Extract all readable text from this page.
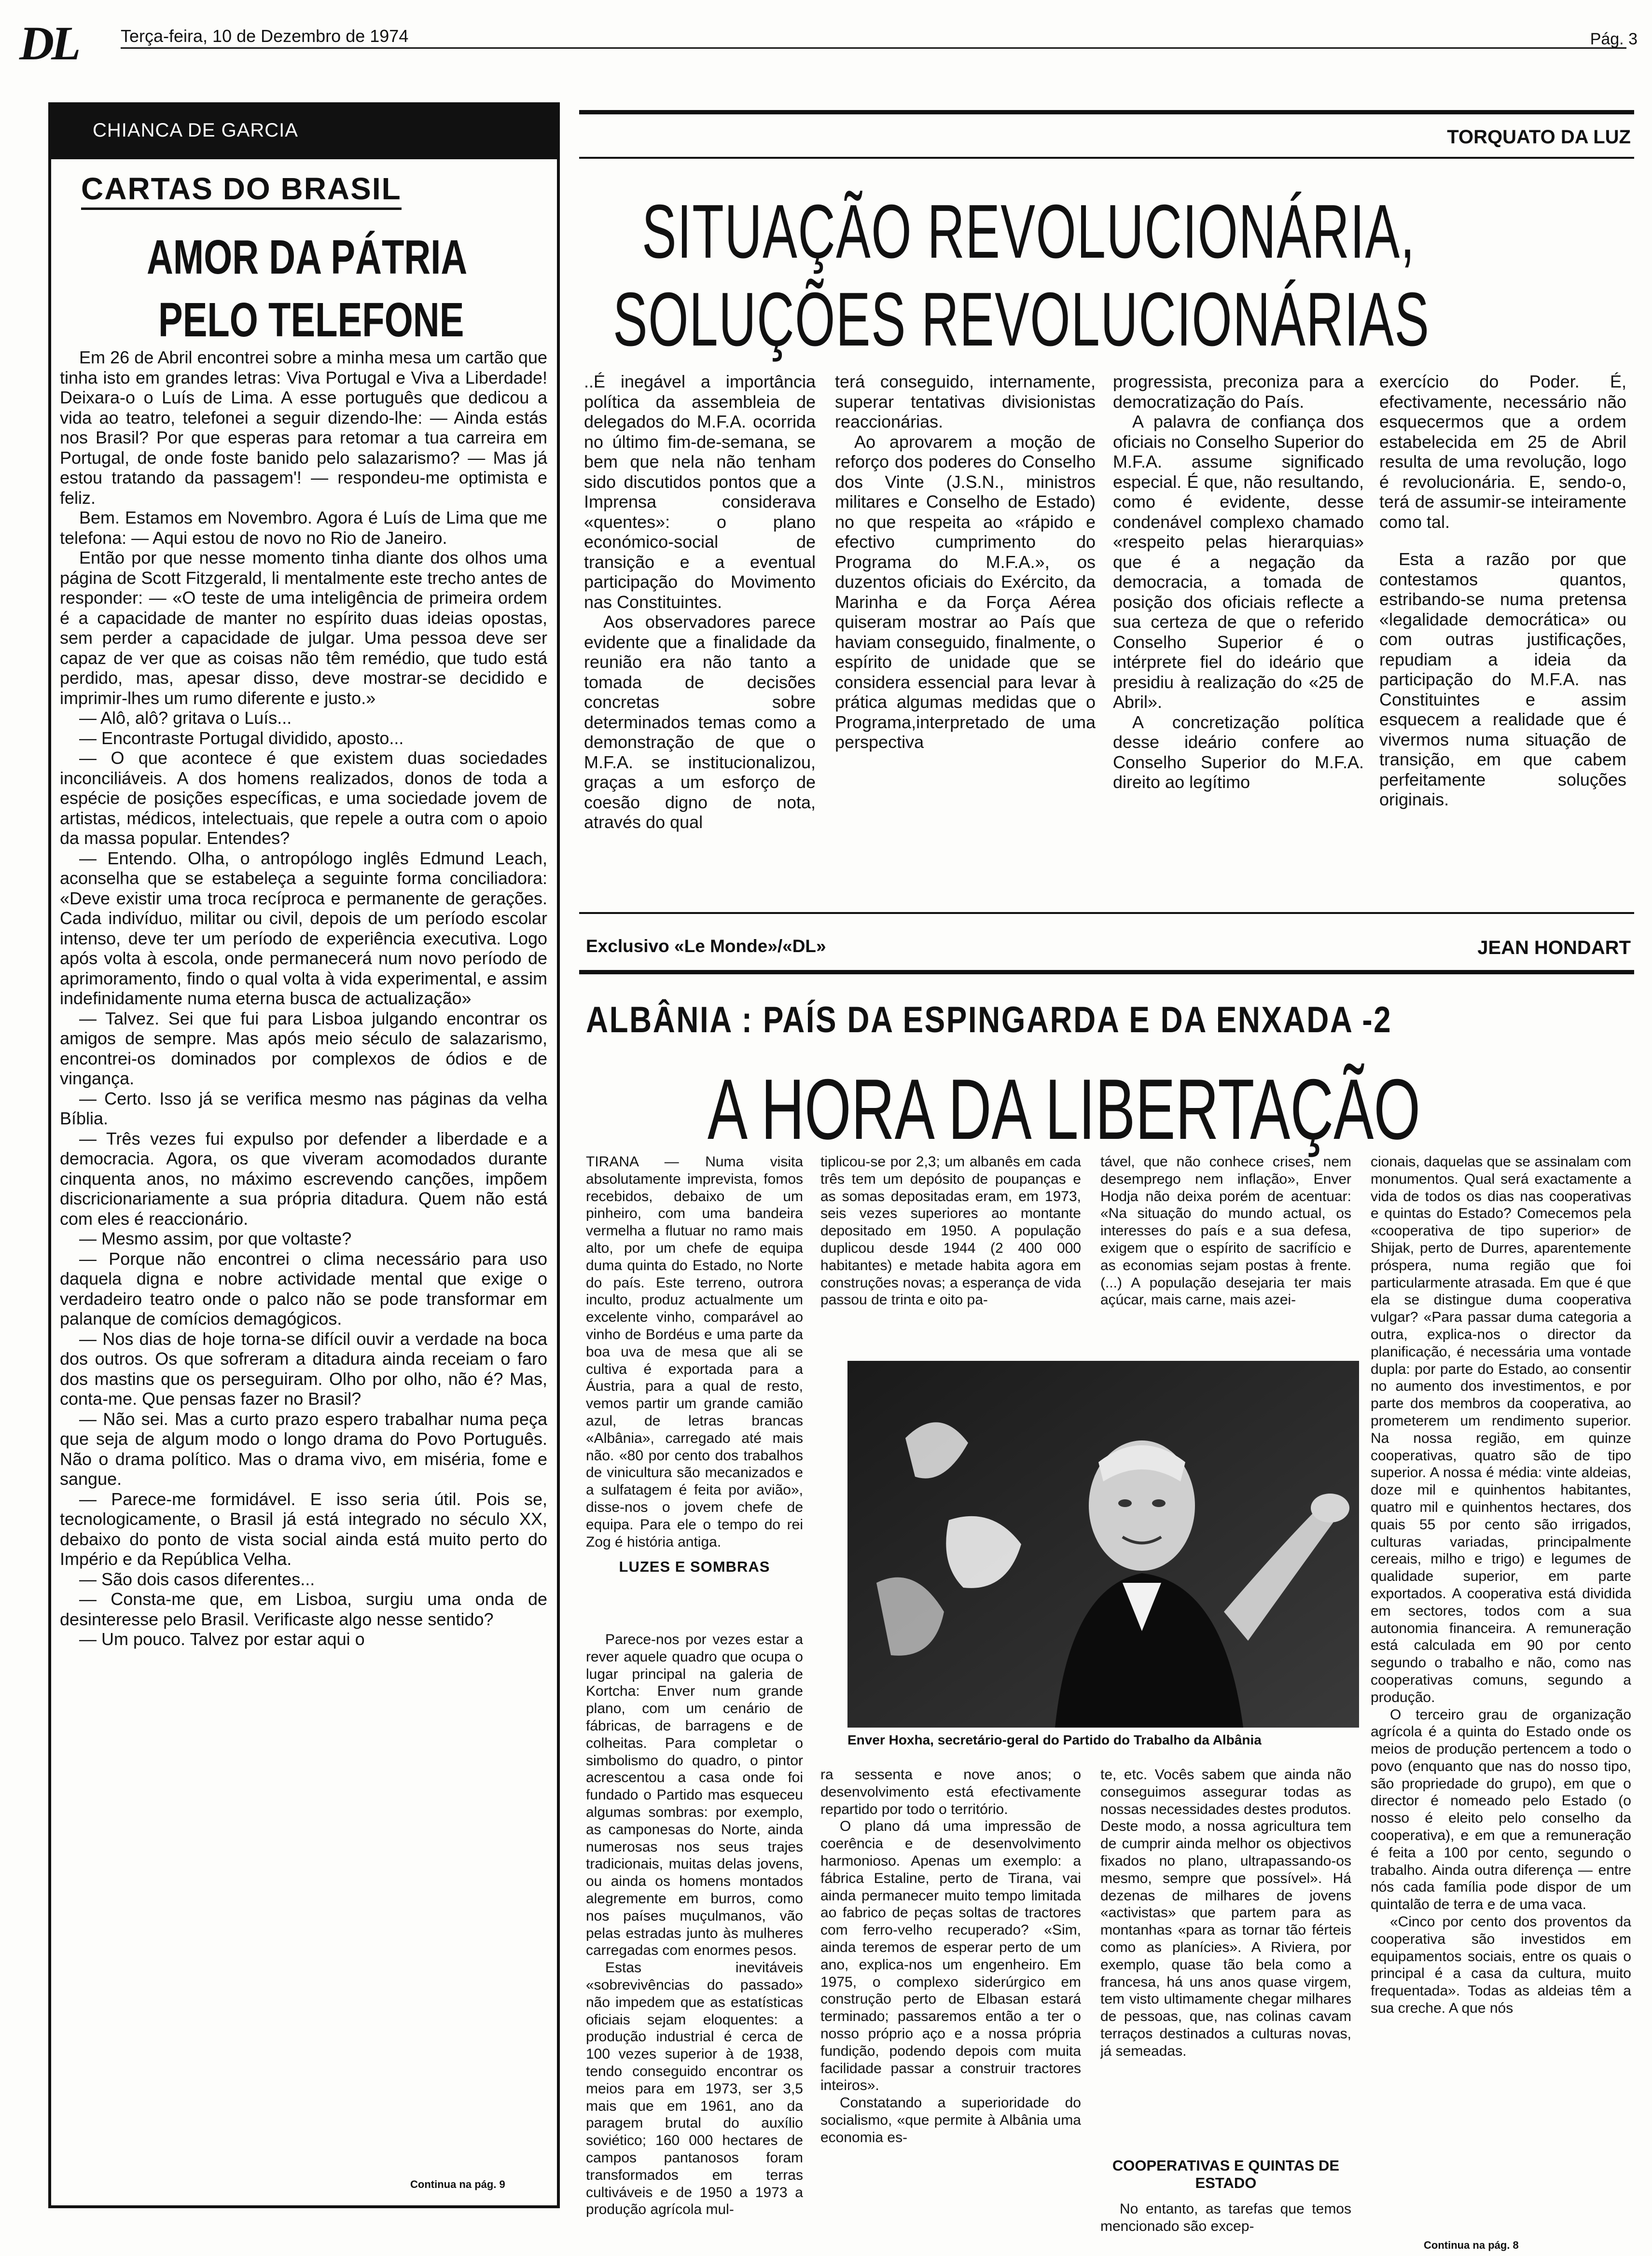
DL Terça-feira, 10 de Dezembro de 1974	Pág. 3
CHIANCA DE GARCIA
CARTAS DO BRASIL
AMOR DA PÁTRIA
PELO TELEFONE

Em 26 de Abril encontrei sobre a minha mesa um cartão que tinha isto em grandes letras: Viva Portugal e Viva a Liberdade! Deixara-o o Luís de Lima. A esse português que dedicou a vida ao teatro, telefonei a seguir dizendo-lhe: — Ainda estás nos Brasil? Por que esperas para retomar a tua carreira em Portugal, de onde foste banido pelo salazarismo? — Mas já estou tratando da passagem'! — respondeu-me optimista e feliz.

Bem. Estamos em Novembro. Agora é Luís de Lima que me telefona: — Aqui estou de novo no Rio de Janeiro.

Então por que nesse momento tinha diante dos olhos uma página de Scott Fitzgerald, li mentalmente este trecho antes de responder: — «O teste de uma inteligência de primeira ordem é a capacidade de manter no espírito duas ideias opostas, sem perder a capacidade de julgar. Uma pessoa deve ser capaz de ver que as coisas não têm remédio, que tudo está perdido, mas, apesar disso, deve mostrar-se decidido e imprimir-lhes um rumo diferente e justo.»

— Alô, alô? gritava o Luís...

— Encontraste Portugal dividido, aposto...

— O que acontece é que existem duas sociedades inconciliáveis. A dos homens realizados, donos de toda a espécie de posições específicas, e uma sociedade jovem de artistas, médicos, intelectuais, que repele a outra com o apoio da massa popular. Entendes?

— Entendo. Olha, o antropólogo inglês Edmund Leach, aconselha que se estabeleça a seguinte forma conciliadora: «Deve existir uma troca recíproca e permanente de gerações. Cada indivíduo, militar ou civil, depois de um período escolar intenso, deve ter um período de experiência executiva. Logo após volta à escola, onde permanecerá num novo período de aprimoramento, findo o qual volta à vida experimental, e assim indefinidamente numa eterna busca de actualização»

— Talvez. Sei que fui para Lisboa julgando encontrar os amigos de sempre. Mas após meio século de salazarismo, encontrei-os dominados por complexos de ódios e de vingança.

— Certo. Isso já se verifica mesmo nas páginas da velha Bíblia.

— Três vezes fui expulso por defender a liberdade e a democracia. Agora, os que viveram acomodados durante cinquenta anos, no máximo escrevendo canções, impõem discricionariamente a sua própria ditadura. Quem não está com eles é reaccionário.

— Mesmo assim, por que voltaste?

— Porque não encontrei o clima necessário para uso daquela digna e nobre actividade mental que exige o verdadeiro teatro onde o palco não se pode transformar em palanque de comícios demagógicos.

— Nos dias de hoje torna-se difícil ouvir a verdade na boca dos outros. Os que sofreram a ditadura ainda receiam o faro dos mastins que os perseguiram. Olho por olho, não é? Mas, conta-me. Que pensas fazer no Brasil?

— Não sei. Mas a curto prazo espero trabalhar numa peça que seja de algum modo o longo drama do Povo Português. Não o drama político. Mas o drama vivo, em miséria, fome e sangue.

— Parece-me formidável. E isso seria útil. Pois se, tecnologicamente, o Brasil já está integrado no século XX, debaixo do ponto de vista social ainda está muito perto do Império e da República Velha.

— São dois casos diferentes...

— Consta-me que, em Lisboa, surgiu uma onda de desinteresse pelo Brasil. Verificaste algo nesse sentido?

— Um pouco. Talvez por estar aqui o

Continua na pág. 9
TORQUATO DA LUZ
SITUAÇÃO REVOLUCIONÁRIA,
SOLUÇÕES REVOLUCIONÁRIAS

..É inegável a importância política da assembleia de delegados do M.F.A. ocorrida no último fim-de-semana, se bem que nela não tenham sido discutidos pontos que a Imprensa considerava «quentes»: o plano económico-social de transição e a eventual participação do Movimento nas Constituintes.

Aos observadores parece evidente que a finalidade da reunião era não tanto a tomada de decisões concretas sobre determinados temas como a demonstração de que o M.F.A. se institucionalizou, graças a um esforço de coesão digno de nota, através do qual

terá conseguido, internamente, superar tentativas divisionistas reaccionárias.

Ao aprovarem a moção de reforço dos poderes do Conselho dos Vinte (J.S.N., ministros militares e Conselho de Estado) no que respeita ao «rápido e efectivo cumprimento do Programa do M.F.A.», os duzentos oficiais do Exército, da Marinha e da Força Aérea quiseram mostrar ao País que haviam conseguido, finalmente, o espírito de unidade que se considera essencial para levar à prática algumas medidas que o Programa,interpretado de uma perspectiva

progressista, preconiza para a democratização do País.

A palavra de confiança dos oficiais no Conselho Superior do M.F.A. assume significado especial. É que, não resultando, como é evidente, desse condenável complexo chamado «respeito pelas hierarquias» que é a negação da democracia, a tomada de posição dos oficiais reflecte a sua certeza de que o referido Conselho Superior é o intérprete fiel do ideário que presidiu à realização do «25 de Abril».

A concretização política desse ideário confere ao Conselho Superior do M.F.A. direito ao legítimo

exercício do Poder. É, efectivamente, necessário não esquecermos que a ordem estabelecida em 25 de Abril resulta de uma revolução, logo é revolucionária. E, sendo-o, terá de assumir-se inteiramente como tal.

Esta a razão por que contestamos quantos, estribando-se numa pretensa «legalidade democrática» ou com outras justificações, repudiam a ideia da participação do M.F.A. nas Constituintes e assim esquecem a realidade que é vivermos numa situação de transição, em que cabem perfeitamente soluções originais.

Exclusivo «Le Monde»/«DL»	JEAN HONDART
ALBÂNIA : PAÍS DA ESPINGARDA E DA ENXADA -2
A HORA DA LIBERTAÇÃO

TIRANA — Numa visita absolutamente imprevista, fomos recebidos, debaixo de um pinheiro, com uma bandeira vermelha a flutuar no ramo mais alto, por um chefe de equipa duma quinta do Estado, no Norte do país. Este terreno, outrora inculto, produz actualmente um excelente vinho, comparável ao vinho de Bordéus e uma parte da boa uva de mesa que ali se cultiva é exportada para a Áustria, para a qual de resto, vemos partir um grande camião azul, de letras brancas «Albânia», carregado até mais não. «80 por cento dos trabalhos de vinicultura são mecanizados e a sulfatagem é feita por avião», disse-nos o jovem chefe de equipa. Para ele o tempo do rei Zog é história antiga.

LUZES E SOMBRAS

Parece-nos por vezes estar a rever aquele quadro que ocupa o lugar principal na galeria de Kortcha: Enver num grande plano, com um cenário de fábricas, de barragens e de colheitas. Para completar o simbolismo do quadro, o pintor acrescentou a casa onde foi fundado o Partido mas esqueceu algumas sombras: por exemplo, as camponesas do Norte, ainda numerosas nos seus trajes tradicionais, muitas delas jovens, ou ainda os homens montados alegremente em burros, como nos países muçulmanos, vão pelas estradas junto às mulheres carregadas com enormes pesos.

Estas inevitáveis «sobrevivências do passado» não impedem que as estatísticas oficiais sejam eloquentes: a produção industrial é cerca de 100 vezes superior à de 1938, tendo conseguido encontrar os meios para em 1973, ser 3,5 mais que em 1961, ano da paragem brutal do auxílio soviético; 160 000 hectares de campos pantanosos foram transformados em terras cultiváveis e de 1950 a 1973 a produção agrícola mul-

tiplicou-se por 2,3; um albanês em cada três tem um depósito de poupanças e as somas depositadas eram, em 1973, seis vezes superiores ao montante depositado em 1950. A população duplicou desde 1944 (2 400 000 habitantes) e metade habita agora em construções novas; a esperança de vida passou de trinta e oito pa-

tável, que não conhece crises, nem desemprego nem inflação», Enver Hodja não deixa porém de acentuar: «Na situação do mundo actual, os interesses do país e a sua defesa, exigem que o espírito de sacrifício e as economias sejam postas à frente. (...) A população desejaria ter mais açúcar, mais carne, mais azei-

cionais, daquelas que se assinalam com monumentos. Qual será exactamente a vida de todos os dias nas cooperativas e quintas do Estado? Comecemos pela «cooperativa de tipo superior» de Shijak, perto de Durres, aparentemente próspera, numa região que foi particularmente atrasada. Em que é que ela se distingue duma cooperativa vulgar? «Para passar duma categoria a outra, explica-nos o director da planificação, é necessária uma vontade dupla: por parte do Estado, ao consentir no aumento dos investimentos, e por parte dos membros da cooperativa, ao prometerem um rendimento superior. Na nossa região, em quinze cooperativas, quatro são de tipo superior. A nossa é média: vinte aldeias, doze mil e quinhentos habitantes, quatro mil e quinhentos hectares, dos quais 55 por cento são irrigados, culturas variadas, principalmente cereais, milho e trigo) e legumes de qualidade superior, em parte exportados. A cooperativa está dividida em sectores, todos com a sua autonomia financeira. A remuneração está calculada em 90 por cento segundo o trabalho e não, como nas cooperativas comuns, segundo a produção.

O terceiro grau de organização agrícola é a quinta do Estado onde os meios de produção pertencem a todo o povo (enquanto que nas do nosso tipo, são propriedade do grupo), em que o director é nomeado pelo Estado (o nosso é eleito pelo conselho da cooperativa), e em que a remuneração é feita a 100 por cento, segundo o trabalho. Ainda outra diferença — entre nós cada família pode dispor de um quintalão de terra e de uma vaca.

«Cinco por cento dos proventos da cooperativa são investidos em equipamentos sociais, entre os quais o principal é a casa da cultura, muito frequentada». Todas as aldeias têm a sua creche. A que nós

Enver Hoxha, secretário-geral do Partido do Trabalho da Albânia

ra sessenta e nove anos; o desenvolvimento está efectivamente repartido por todo o território.

O plano dá uma impressão de coerência e de desenvolvimento harmonioso. Apenas um exemplo: a fábrica Estaline, perto de Tirana, vai ainda permanecer muito tempo limitada ao fabrico de peças soltas de tractores com ferro-velho recuperado? «Sim, ainda teremos de esperar perto de um ano, explica-nos um engenheiro. Em 1975, o complexo siderúrgico em construção perto de Elbasan estará terminado; passaremos então a ter o nosso próprio aço e a nossa própria fundição, podendo depois com muita facilidade passar a construir tractores inteiros».

Constatando a superioridade do socialismo, «que permite à Albânia uma economia es-

te, etc. Vocês sabem que ainda não conseguimos assegurar todas as nossas necessidades destes produtos. Deste modo, a nossa agricultura tem de cumprir ainda melhor os objectivos fixados no plano, ultrapassando-os mesmo, sempre que possível». Há dezenas de milhares de jovens «activistas» que partem para as montanhas «para as tornar tão férteis como as planícies». A Riviera, por exemplo, quase tão bela como a francesa, há uns anos quase virgem, tem visto ultimamente chegar milhares de pessoas, que, nas colinas cavam terraços destinados a culturas novas, já semeadas.

COOPERATIVAS E QUINTAS DE ESTADO

No entanto, as tarefas que temos mencionado são excep-

Continua na pág. 8
